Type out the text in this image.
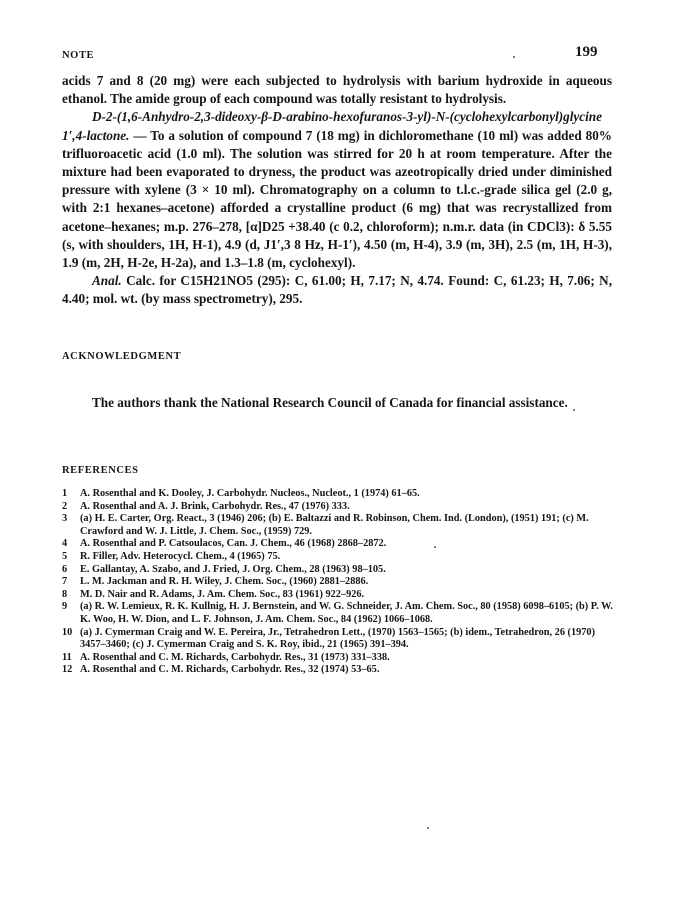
NOTE	199

acids 7 and 8 (20 mg) were each subjected to hydrolysis with barium hydroxide in aqueous ethanol. The amide group of each compound was totally resistant to hydrolysis.

D-2-(1,6-Anhydro-2,3-dideoxy-β-D-arabino-hexofuranos-3-yl)-N-(cyclohexylcarbonyl)glycine 1′,4-lactone. — To a solution of compound 7 (18 mg) in dichloromethane (10 ml) was added 80% trifluoroacetic acid (1.0 ml). The solution was stirred for 20 h at room temperature. After the mixture had been evaporated to dryness, the product was azeotropically dried under diminished pressure with xylene (3 × 10 ml). Chromatography on a column to t.l.c.-grade silica gel (2.0 g, with 2:1 hexanes–acetone) afforded a crystalline product (6 mg) that was recrystallized from acetone–hexanes; m.p. 276–278, [α]D25 +38.40 (c 0.2, chloroform); n.m.r. data (in CDCl3): δ 5.55 (s, with shoulders, 1H, H-1), 4.9 (d, J1′,3 8 Hz, H-1′), 4.50 (m, H-4), 3.9 (m, 3H), 2.5 (m, 1H, H-3), 1.9 (m, 2H, H-2e, H-2a), and 1.3–1.8 (m, cyclohexyl).

Anal. Calc. for C15H21NO5 (295): C, 61.00; H, 7.17; N, 4.74. Found: C, 61.23; H, 7.06; N, 4.40; mol. wt. (by mass spectrometry), 295.

ACKNOWLEDGMENT

The authors thank the National Research Council of Canada for financial assistance.

REFERENCES
1 A. Rosenthal and K. Dooley, J. Carbohydr. Nucleos., Nucleot., 1 (1974) 61–65.
2 A. Rosenthal and A. J. Brink, Carbohydr. Res., 47 (1976) 333.
3 (a) H. E. Carter, Org. React., 3 (1946) 206; (b) E. Baltazzi and R. Robinson, Chem. Ind. (London), (1951) 191; (c) M. Crawford and W. J. Little, J. Chem. Soc., (1959) 729.
4 A. Rosenthal and P. Catsoulacos, Can. J. Chem., 46 (1968) 2868–2872.
5 R. Filler, Adv. Heterocycl. Chem., 4 (1965) 75.
6 E. Gallantay, A. Szabo, and J. Fried, J. Org. Chem., 28 (1963) 98–105.
7 L. M. Jackman and R. H. Wiley, J. Chem. Soc., (1960) 2881–2886.
8 M. D. Nair and R. Adams, J. Am. Chem. Soc., 83 (1961) 922–926.
9 (a) R. W. Lemieux, R. K. Kullnig, H. J. Bernstein, and W. G. Schneider, J. Am. Chem. Soc., 80 (1958) 6098–6105; (b) P. W. K. Woo, H. W. Dion, and L. F. Johnson, J. Am. Chem. Soc., 84 (1962) 1066–1068.
10 (a) J. Cymerman Craig and W. E. Pereira, Jr., Tetrahedron Lett., (1970) 1563–1565; (b) idem., Tetrahedron, 26 (1970) 3457–3460; (c) J. Cymerman Craig and S. K. Roy, ibid., 21 (1965) 391–394.
11 A. Rosenthal and C. M. Richards, Carbohydr. Res., 31 (1973) 331–338.
12 A. Rosenthal and C. M. Richards, Carbohydr. Res., 32 (1974) 53–65.
